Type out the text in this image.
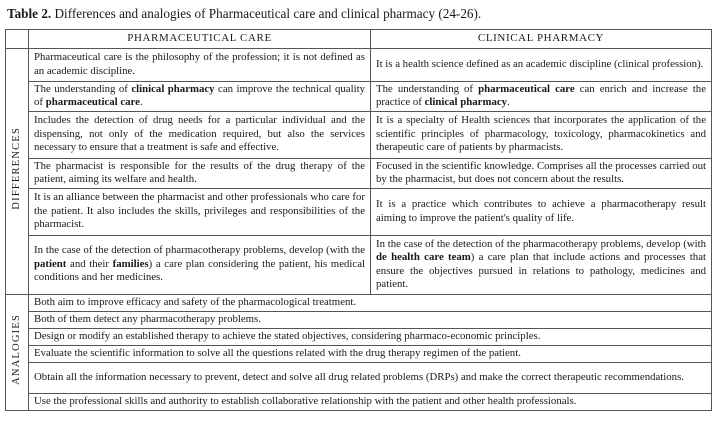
Table 2. Differences and analogies of Pharmaceutical care and clinical pharmacy (24-26).
	PHARMACEUTICAL CARE	CLINICAL PHARMACY
DIFFERENCES	Pharmaceutical care is the philosophy of the profession; it is not defined as an academic discipline.	It is a health science defined as an academic discipline (clinical profession).
	The understanding of clinical pharmacy can improve the technical quality of pharmaceutical care.	The understanding of pharmaceutical care can enrich and increase the practice of clinical pharmacy.
	Includes the detection of drug needs for a particular individual and the dispensing, not only of the medication required, but also the services necessary to ensure that a treatment is safe and effective.	It is a specialty of Health sciences that incorporates the application of the scientific principles of pharmacology, toxicology, pharmacokinetics and therapeutic care of patients by pharmacists.
	The pharmacist is responsible for the results of the drug therapy of the patient, aiming its welfare and health.	Focused in the scientific knowledge. Comprises all the processes carried out by the pharmacist, but does not concern about the results.
	It is an alliance between the pharmacist and other professionals who care for the patient. It also includes the skills, privileges and responsibilities of the pharmacist.	It is a practice which contributes to achieve a pharmacotherapy result aiming to improve the patient's quality of life.
	In the case of the detection of pharmacotherapy problems, develop (with the patient and their families) a care plan considering the patient, his medical conditions and her medicines.	In the case of the detection of the pharmacotherapy problems, develop (with de health care team) a care plan that include actions and processes that ensure the objectives pursued in relations to pathology, medicines and patient.
ANALOGIES	Both aim to improve efficacy and safety of the pharmacological treatment.	
	Both of them detect any pharmacotherapy problems.	
	Design or modify an established therapy to achieve the stated objectives, considering pharmaco-economic principles.	
	Evaluate the scientific information to solve all the questions related with the drug therapy regimen of the patient.	
	Obtain all the information necessary to prevent, detect and solve all drug related problems (DRPs) and make the correct therapeutic recommendations.	
	Use the professional skills and authority to establish collaborative relationship with the patient and other health professionals.	
